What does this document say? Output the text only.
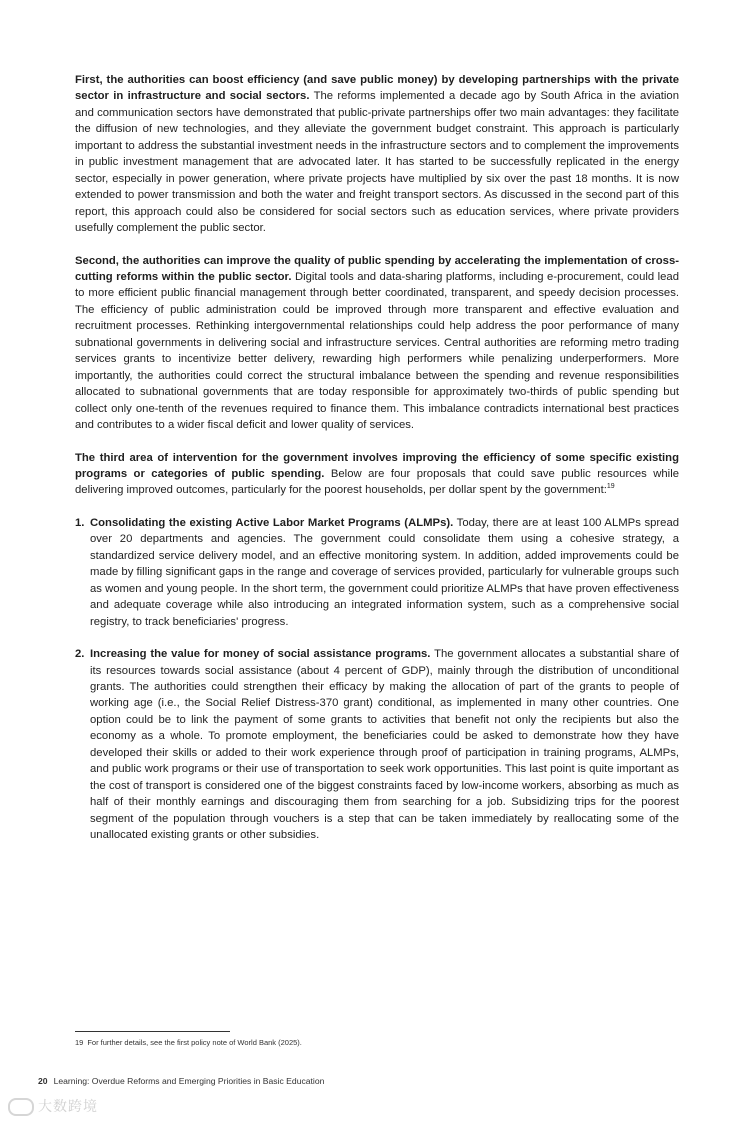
First, the authorities can boost efficiency (and save public money) by developing partnerships with the private sector in infrastructure and social sectors. The reforms implemented a decade ago by South Africa in the aviation and communication sectors have demonstrated that public-private partnerships offer two main advantages: they facilitate the diffusion of new technologies, and they alleviate the government budget constraint. This approach is particularly important to address the substantial investment needs in the infrastructure sectors and to complement the improvements in public investment management that are advocated later. It has started to be successfully replicated in the energy sector, especially in power generation, where private projects have multiplied by six over the past 18 months. It is now extended to power transmission and both the water and freight transport sectors. As discussed in the second part of this report, this approach could also be considered for social sectors such as education services, where private providers usefully complement the public sector.

Second, the authorities can improve the quality of public spending by accelerating the implementation of cross-cutting reforms within the public sector. Digital tools and data-sharing platforms, including e-procurement, could lead to more efficient public financial management through better coordinated, transparent, and speedy decision processes. The efficiency of public administration could be improved through more transparent and effective evaluation and recruitment processes. Rethinking intergovernmental relationships could help address the poor performance of many subnational governments in delivering social and infrastructure services. Central authorities are reforming metro trading services grants to incentivize better delivery, rewarding high performers while penalizing underperformers. More importantly, the authorities could correct the structural imbalance between the spending and revenue responsibilities allocated to subnational governments that are today responsible for approximately two-thirds of public spending but collect only one-tenth of the revenues required to finance them. This imbalance contradicts international best practices and contributes to a wider fiscal deficit and lower quality of services.

The third area of intervention for the government involves improving the efficiency of some specific existing programs or categories of public spending. Below are four proposals that could save public resources while delivering improved outcomes, particularly for the poorest households, per dollar spent by the government:$^{19}$

1. Consolidating the existing Active Labor Market Programs (ALMPs). Today, there are at least 100 ALMPs spread over 20 departments and agencies. The government could consolidate them using a cohesive strategy, a standardized service delivery model, and an effective monitoring system. In addition, added improvements could be made by filling significant gaps in the range and coverage of services provided, particularly for vulnerable groups such as women and young people. In the short term, the government could prioritize ALMPs that have proven effectiveness and adequate coverage while also introducing an integrated information system, such as a comprehensive social registry, to track beneficiaries' progress.
2. Increasing the value for money of social assistance programs. The government allocates a substantial share of its resources towards social assistance (about 4 percent of GDP), mainly through the distribution of unconditional grants. The authorities could strengthen their efficacy by making the allocation of part of the grants to people of working age (i.e., the Social Relief Distress-370 grant) conditional, as implemented in many other countries. One option could be to link the payment of some grants to activities that benefit not only the recipients but also the economy as a whole. To promote employment, the beneficiaries could be asked to demonstrate how they have developed their skills or added to their work experience through proof of participation in training programs, ALMPs, and public work programs or their use of transportation to seek work opportunities. This last point is quite important as the cost of transport is considered one of the biggest constraints faced by low-income workers, absorbing as much as half of their monthly earnings and discouraging them from searching for a job. Subsidizing trips for the poorest segment of the population through vouchers is a step that can be taken immediately by reallocating some of the unallocated existing grants or other subsidies.
19 For further details, see the first policy note of World Bank (2025).
20 Learning: Overdue Reforms and Emerging Priorities in Basic Education
大数跨境
